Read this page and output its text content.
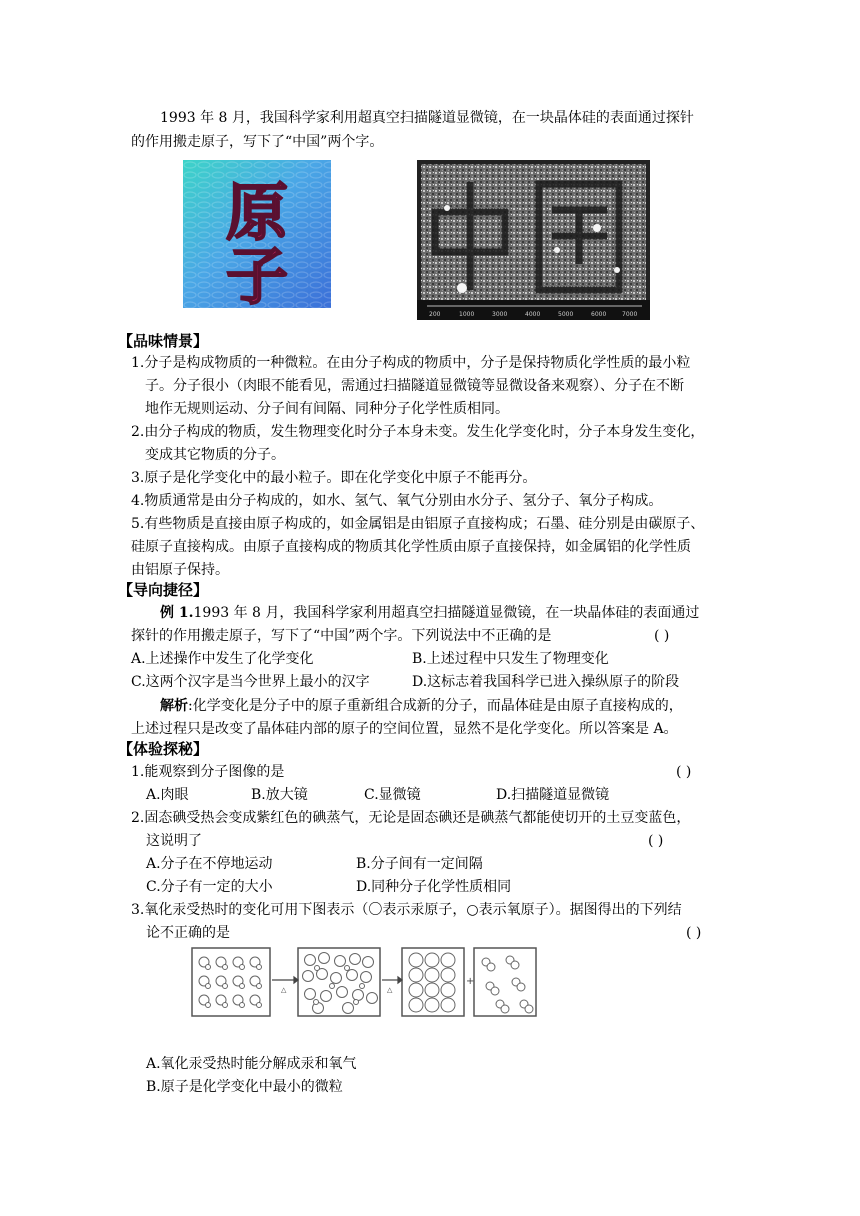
1993 年 8 月，我国科学家利用超真空扫描隧道显微镜，在一块晶体硅的表面通过探针
的作用搬走原子，写下了“中国”两个字。
原
子
200	1000	3000	4000	5000	6000	7000
【品味情景】
1.分子是构成物质的一种微粒。在由分子构成的物质中，分子是保持物质化学性质的最小粒
子。分子很小（肉眼不能看见，需通过扫描隧道显微镜等显微设备来观察）、分子在不断
地作无规则运动、分子间有间隔、同种分子化学性质相同。
2.由分子构成的物质，发生物理变化时分子本身未变。发生化学变化时，分子本身发生变化，
变成其它物质的分子。
3.原子是化学变化中的最小粒子。即在化学变化中原子不能再分。
4.物质通常是由分子构成的，如水、氢气、氧气分别由水分子、氢分子、氧分子构成。
5.有些物质是直接由原子构成的，如金属铝是由铝原子直接构成；石墨、硅分别是由碳原子、
硅原子直接构成。由原子直接构成的物质其化学性质由原子直接保持，如金属铝的化学性质
由铝原子保持。
【导向捷径】
例 1.1993 年 8 月，我国科学家利用超真空扫描隧道显微镜，在一块晶体硅的表面通过
探针的作用搬走原子，写下了“中国”两个字。下列说法中不正确的是	( )
A.上述操作中发生了化学变化	B.上述过程中只发生了物理变化
C.这两个汉字是当今世界上最小的汉字	D.这标志着我国科学已进入操纵原子的阶段
解析:化学变化是分子中的原子重新组合成新的分子，而晶体硅是由原子直接构成的，
上述过程只是改变了晶体硅内部的原子的空间位置，显然不是化学变化。所以答案是 A。
【体验探秘】
1.能观察到分子图像的是	( )
A.肉眼	B.放大镜	C.显微镜	D.扫描隧道显微镜
2.固态碘受热会变成紫红色的碘蒸气，无论是固态碘还是碘蒸气都能使切开的土豆变蓝色，
这说明了	( )
A.分子在不停地运动	B.分子间有一定间隔
C.分子有一定的大小	D.同种分子化学性质相同
3.氧化汞受热时的变化可用下图表示（〇表示汞原子，○表示氧原子）。据图得出的下列结
论不正确的是	( )
△	△
+
A.氧化汞受热时能分解成汞和氧气
B.原子是化学变化中最小的微粒
